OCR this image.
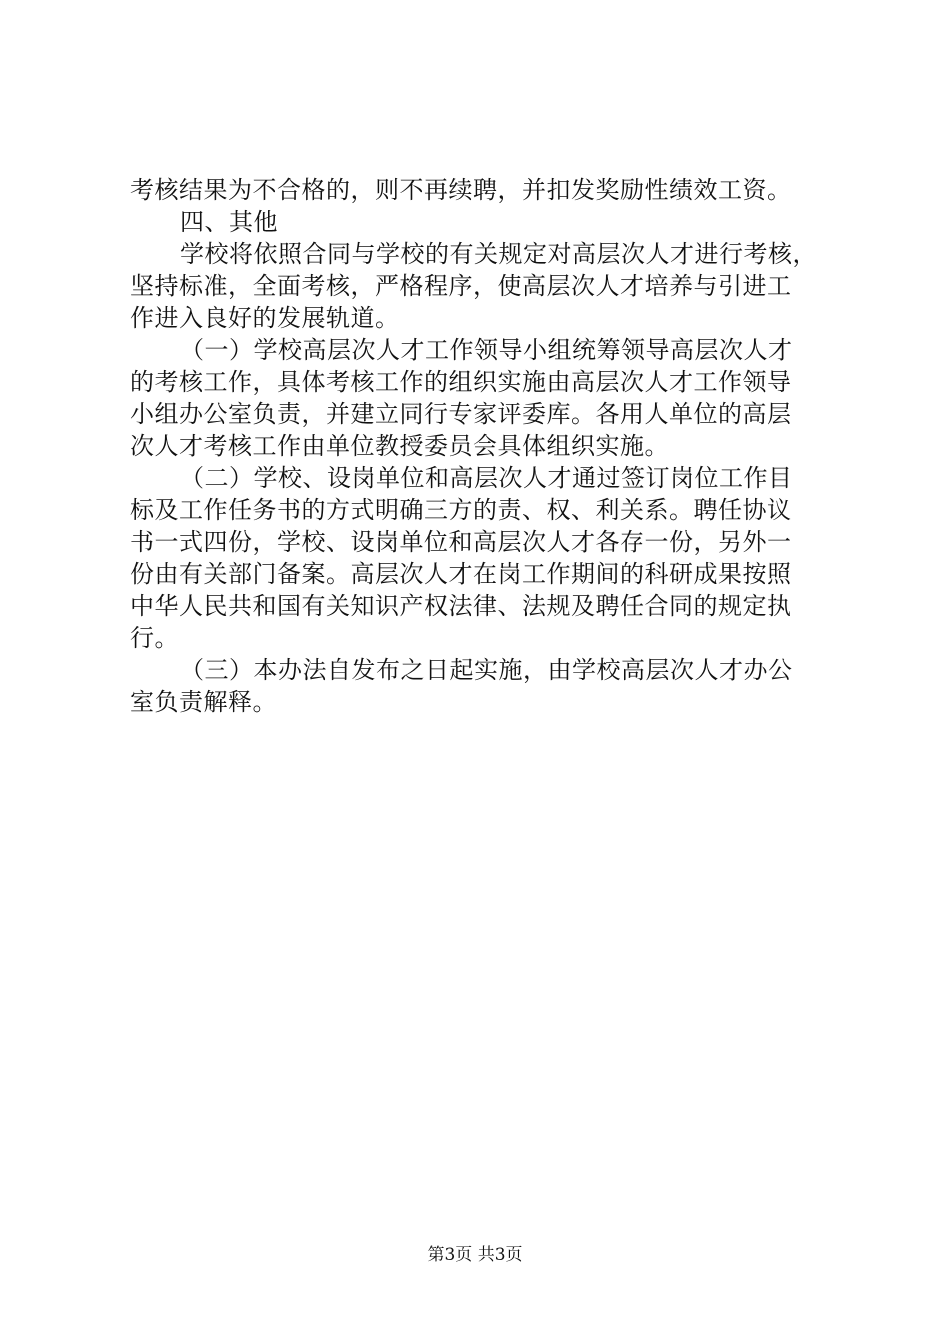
考核结果为不合格的，则不再续聘，并扣发奖励性绩效工资。
四、其他
学校将依照合同与学校的有关规定对高层次人才进行考核，
坚持标准，全面考核，严格程序，使高层次人才培养与引进工
作进入良好的发展轨道。
（一）学校高层次人才工作领导小组统筹领导高层次人才
的考核工作，具体考核工作的组织实施由高层次人才工作领导
小组办公室负责，并建立同行专家评委库。各用人单位的高层
次人才考核工作由单位教授委员会具体组织实施。
（二）学校、设岗单位和高层次人才通过签订岗位工作目
标及工作任务书的方式明确三方的责、权、利关系。聘任协议
书一式四份，学校、设岗单位和高层次人才各存一份，另外一
份由有关部门备案。高层次人才在岗工作期间的科研成果按照
中华人民共和国有关知识产权法律、法规及聘任合同的规定执
行。
（三）本办法自发布之日起实施，由学校高层次人才办公
室负责解释。
第3页 共3页
